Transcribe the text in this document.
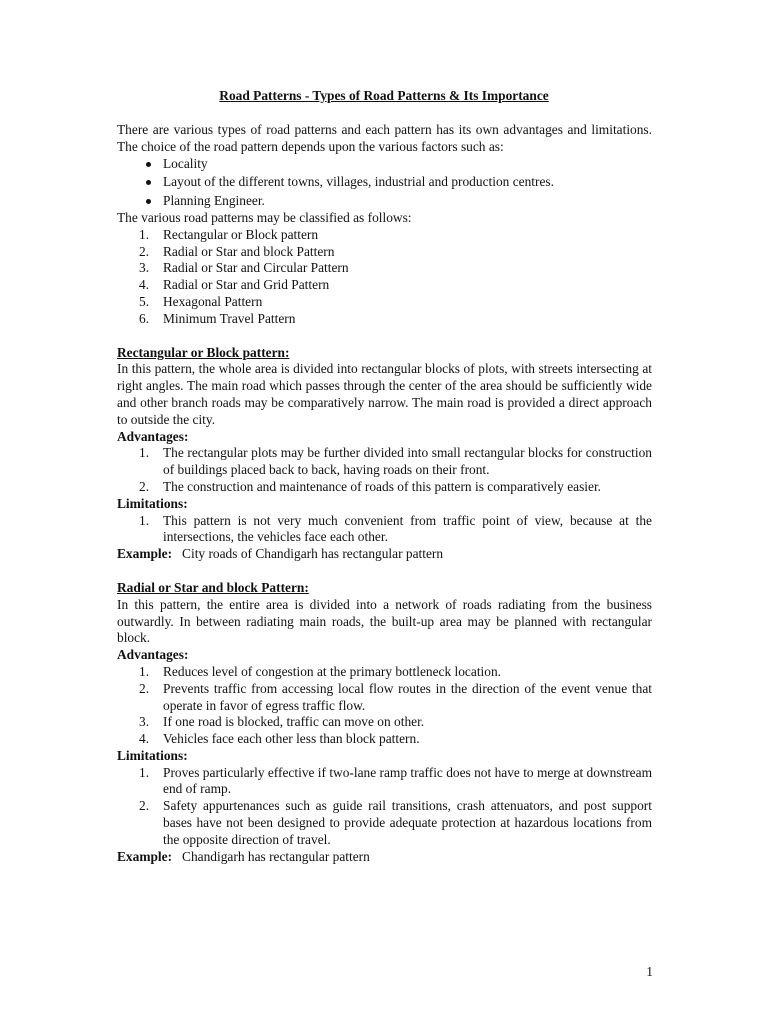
Road Patterns - Types of Road Patterns & Its Importance

There are various types of road patterns and each pattern has its own advantages and limitations. The choice of the road pattern depends upon the various factors such as:

Locality
Layout of the different towns, villages, industrial and production centres.
Planning Engineer.

The various road patterns may be classified as follows:

1. Rectangular or Block pattern
2. Radial or Star and block Pattern
3. Radial or Star and Circular Pattern
4. Radial or Star and Grid Pattern
5. Hexagonal Pattern
6. Minimum Travel Pattern

Rectangular or Block pattern:

In this pattern, the whole area is divided into rectangular blocks of plots, with streets intersecting at right angles. The main road which passes through the center of the area should be sufficiently wide and other branch roads may be comparatively narrow. The main road is provided a direct approach to outside the city.

Advantages:

1. The rectangular plots may be further divided into small rectangular blocks for construction of buildings placed back to back, having roads on their front.
2. The construction and maintenance of roads of this pattern is comparatively easier.

Limitations:

1. This pattern is not very much convenient from traffic point of view, because at the intersections, the vehicles face each other.

Example: City roads of Chandigarh has rectangular pattern

Radial or Star and block Pattern:

In this pattern, the entire area is divided into a network of roads radiating from the business outwardly. In between radiating main roads, the built-up area may be planned with rectangular block.

Advantages:

1. Reduces level of congestion at the primary bottleneck location.
2. Prevents traffic from accessing local flow routes in the direction of the event venue that operate in favor of egress traffic flow.
3. If one road is blocked, traffic can move on other.
4. Vehicles face each other less than block pattern.

Limitations:

1. Proves particularly effective if two-lane ramp traffic does not have to merge at downstream end of ramp.
2. Safety appurtenances such as guide rail transitions, crash attenuators, and post support bases have not been designed to provide adequate protection at hazardous locations from the opposite direction of travel.

Example: Chandigarh has rectangular pattern

1
